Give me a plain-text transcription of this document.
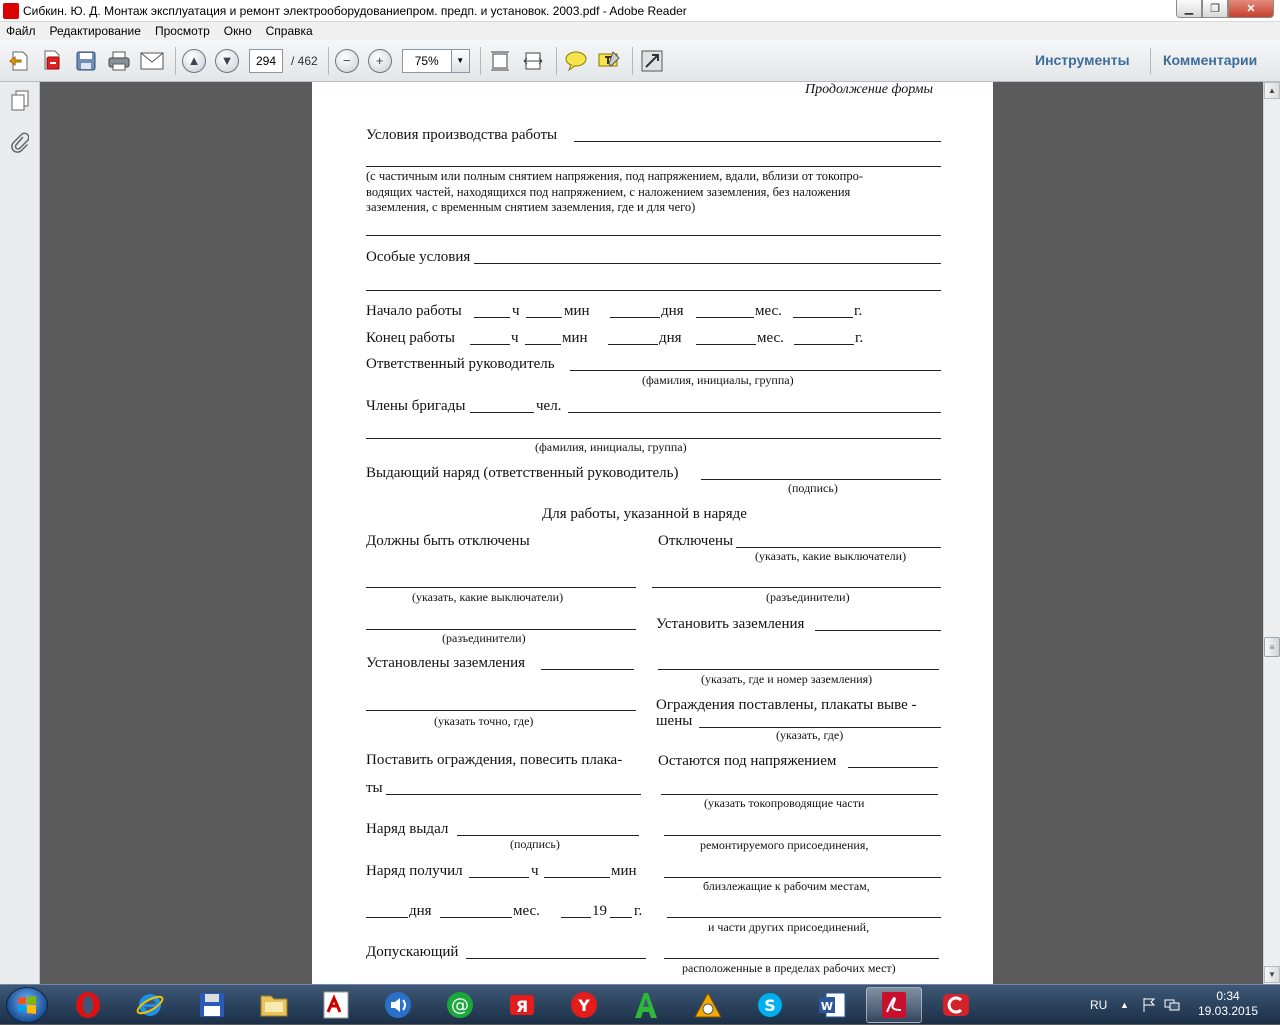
Сибкин. Ю. Д. Монтаж эксплуатация и ремонт электрооборудованиепром. предп. и установок. 2003.pdf - Adobe Reader	▁	❐	✕
Файл	Редактирование	Просмотр	Окно	Справка
▲	▼	294	/ 462	−	+	75%	▼	Инструменты Комментарии
Продолжение формы
Условия производства работы
(с частичным или полным снятием напряжения, под напряжением, вдали, вблизи от токопро-
водящих частей, находящихся под напряжением, с наложением заземления, без наложения
заземления, с временным снятием заземления, где и для чего)
Особые условия
Начало работы	ч	мин	дня	мес.	г.
Конец работы	ч	мин	дня	мес.	г.
Ответственный руководитель
(фамилия, инициалы, группа)
Члены бригады	чел.
(фамилия, инициалы, группа)
Выдающий наряд (ответственный руководитель)
(подпись)
Для работы, указанной в наряде
Должны быть отключены
(указать, какие выключатели)
(разъединители)
Установлены заземления
(указать точно, где)
Поставить ограждения, повесить плака-
ты
Наряд выдал
(подпись)
Наряд получил	ч	мин
дня	мес.	19 г.
Допускающий
Отключены
(указать, какие выключатели)
(разъединители)
Установить заземления
(указать, где и номер заземления)
Ограждения поставлены, плакаты выве -
шены
(указать, где)
Остаются под напряжением
(указать токопроводящие части
ремонтируемого присоединения,
близлежащие к рабочим местам,
и части других присоединений,
расположенные в пределах рабочих мест)
▲
≡
▼
@	Я	Y	S	W	RU ▲
0:34
19.03.2015
